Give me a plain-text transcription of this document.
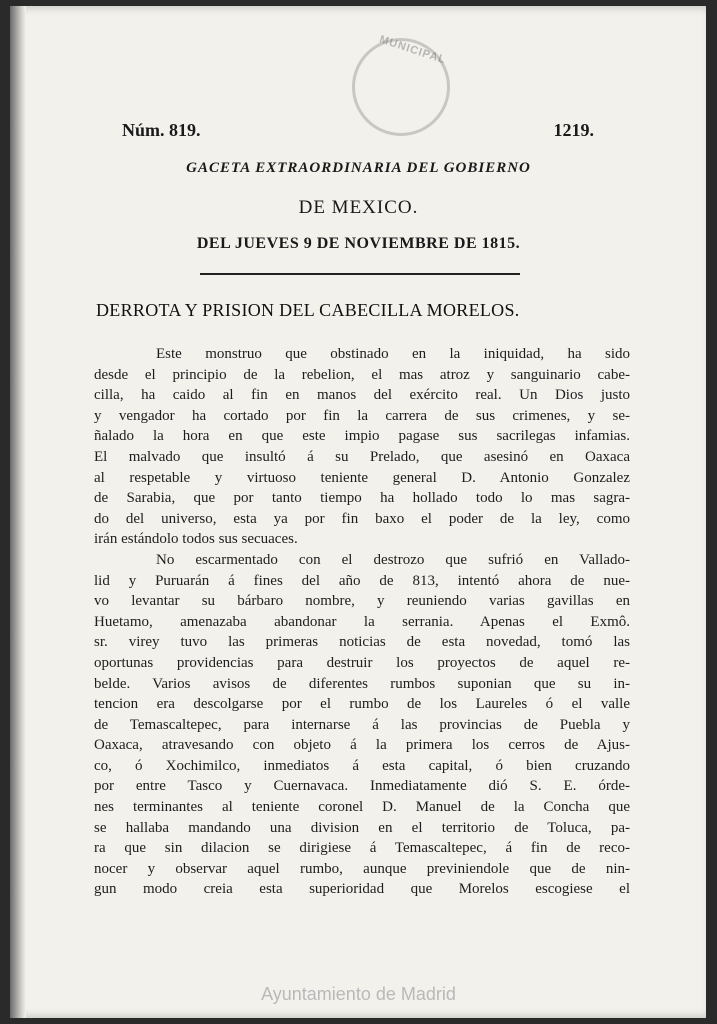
MUNICIPAL
Núm. 819.	1219.
GACETA EXTRAORDINARIA DEL GOBIERNO
DE MEXICO.
DEL JUEVES 9 DE NOVIEMBRE DE 1815.
DERROTA Y PRISION DEL CABECILLA MORELOS.
Este monstruo que obstinado en la iniquidad, ha sido
desde el principio de la rebelion, el mas atroz y sanguinario cabe-
cilla, ha caido al fin en manos del exército real. Un Dios justo
y vengador ha cortado por fin la carrera de sus crimenes, y se-
ñalado la hora en que este impio pagase sus sacrilegas infamias.
El malvado que insultó á su Prelado, que asesinó en Oaxaca
al respetable y virtuoso teniente general D. Antonio Gonzalez
de Sarabia, que por tanto tiempo ha hollado todo lo mas sagra-
do del universo, esta ya por fin baxo el poder de la ley, como
irán estándolo todos sus secuaces.
No escarmentado con el destrozo que sufrió en Vallado-
lid y Puruarán á fines del año de 813, intentó ahora de nue-
vo levantar su bárbaro nombre, y reuniendo varias gavillas en
Huetamo, amenazaba abandonar la serrania. Apenas el Exmô.
sr. virey tuvo las primeras noticias de esta novedad, tomó las
oportunas providencias para destruir los proyectos de aquel re-
belde. Varios avisos de diferentes rumbos suponian que su in-
tencion era descolgarse por el rumbo de los Laureles ó el valle
de Temascaltepec, para internarse á las provincias de Puebla y
Oaxaca, atravesando con objeto á la primera los cerros de Ajus-
co, ó Xochimilco, inmediatos á esta capital, ó bien cruzando
por entre Tasco y Cuernavaca. Inmediatamente dió S. E. órde-
nes terminantes al teniente coronel D. Manuel de la Concha que
se hallaba mandando una division en el territorio de Toluca, pa-
ra que sin dilacion se dirigiese á Temascaltepec, á fin de reco-
nocer y observar aquel rumbo, aunque previniendole que de nin-
gun modo creia esta superioridad que Morelos escogiese el
Ayuntamiento de Madrid
